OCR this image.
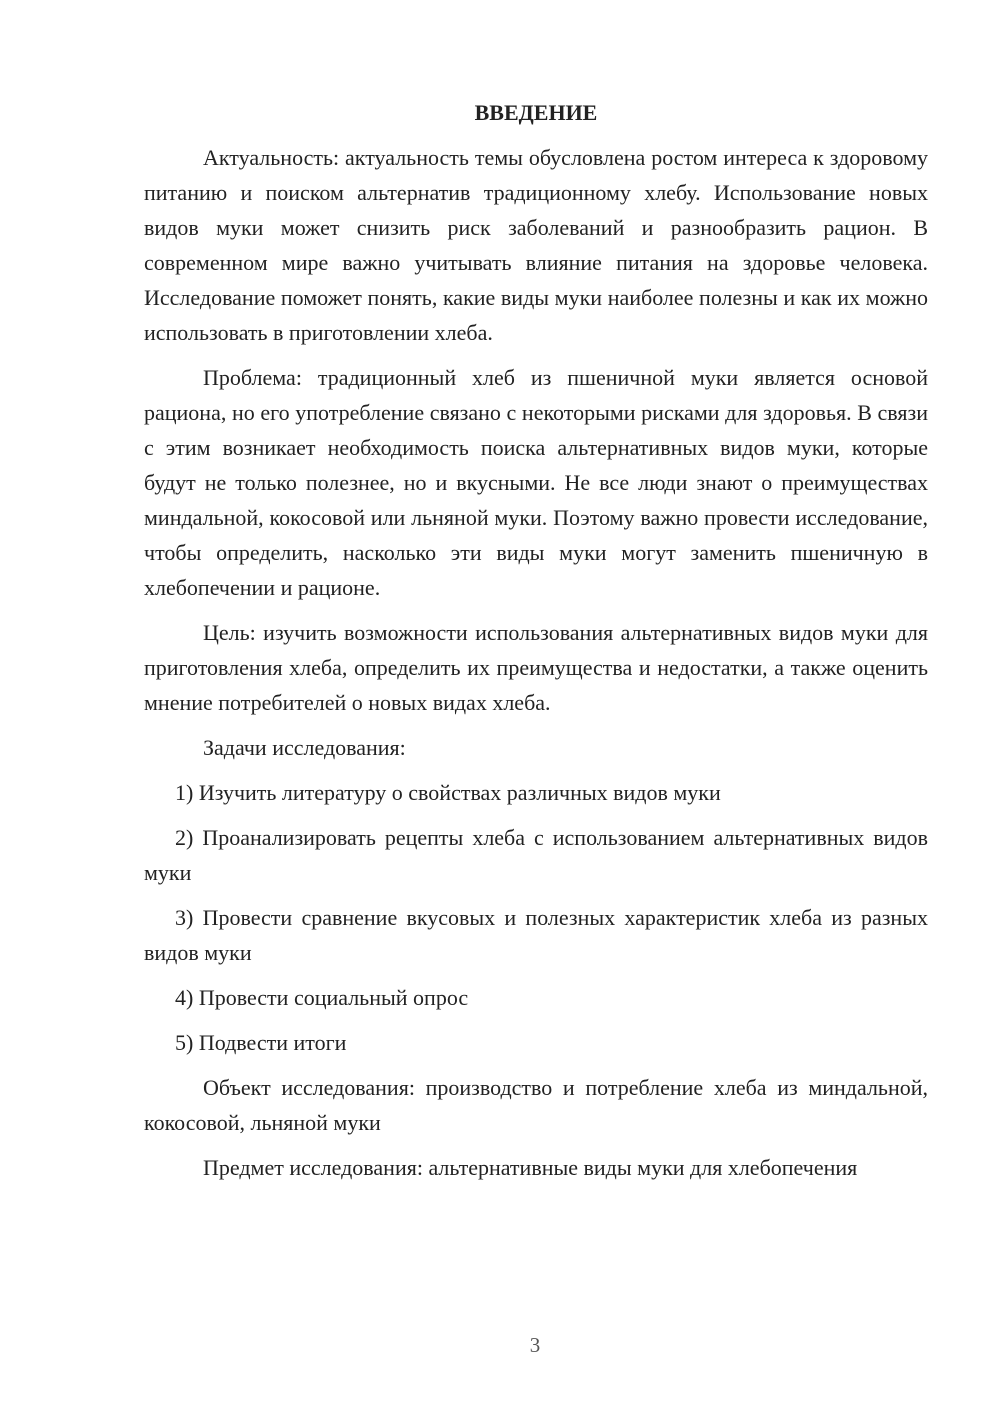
ВВЕДЕНИЕ
Актуальность: актуальность темы обусловлена ростом интереса к здоровому питанию и поиском альтернатив традиционному хлебу. Использование новых видов муки может снизить риск заболеваний и разнообразить рацион. В современном мире важно учитывать влияние питания на здоровье человека. Исследование поможет понять, какие виды муки наиболее полезны и как их можно использовать в приготовлении хлеба.
Проблема: традиционный хлеб из пшеничной муки является основой рациона, но его употребление связано с некоторыми рисками для здоровья. В связи с этим возникает необходимость поиска альтернативных видов муки, которые будут не только полезнее, но и вкусными. Не все люди знают о преимуществах миндальной, кокосовой или льняной муки. Поэтому важно провести исследование, чтобы определить, насколько эти виды муки могут заменить пшеничную в хлебопечении и рационе.
Цель: изучить возможности использования альтернативных видов муки для приготовления хлеба, определить их преимущества и недостатки, а также оценить мнение потребителей о новых видах хлеба.
Задачи исследования:
1) Изучить литературу о свойствах различных видов муки
2) Проанализировать рецепты хлеба с использованием альтернативных видов муки
3) Провести сравнение вкусовых и полезных характеристик хлеба из разных видов муки
4) Провести социальный опрос
5) Подвести итоги
Объект исследования: производство и потребление хлеба из миндальной, кокосовой, льняной муки
Предмет исследования: альтернативные виды муки для хлебопечения
3
